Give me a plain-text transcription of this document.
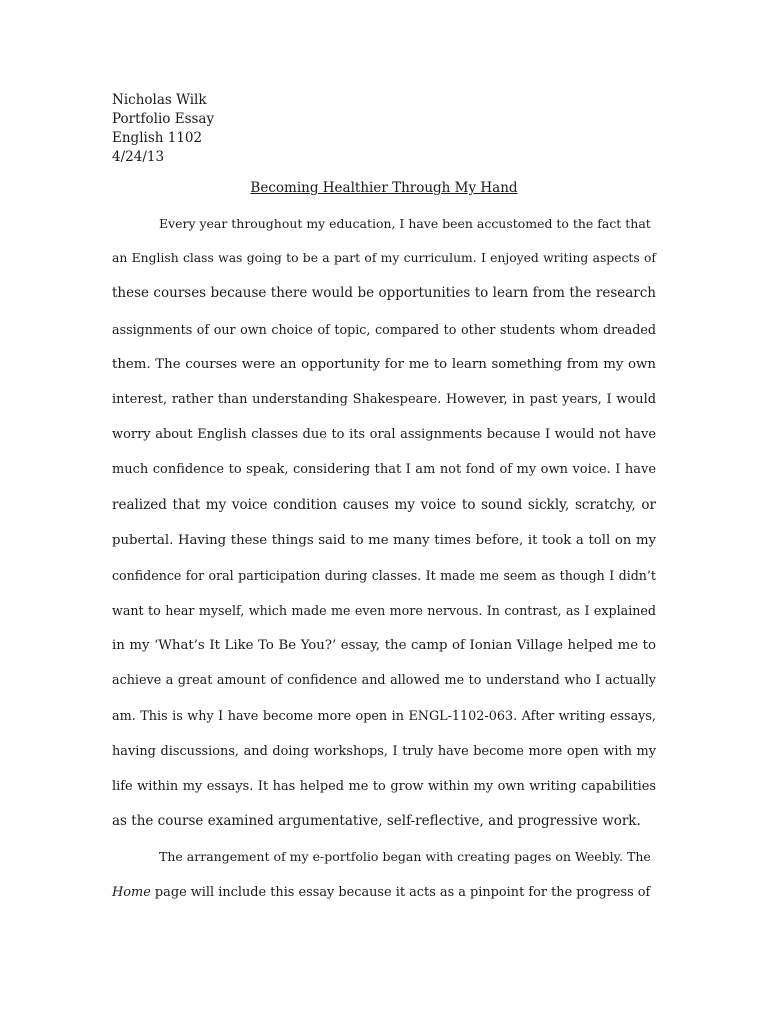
Nicholas Wilk
Portfolio Essay
English 1102
4/24/13
Becoming Healthier Through My Hand
Every year throughout my education, I have been accustomed to the fact that
an English class was going to be a part of my curriculum. I enjoyed writing aspects of
these courses because there would be opportunities to learn from the research
assignments of our own choice of topic, compared to other students whom dreaded
them. The courses were an opportunity for me to learn something from my own
interest, rather than understanding Shakespeare. However, in past years, I would
worry about English classes due to its oral assignments because I would not have
much confidence to speak, considering that I am not fond of my own voice. I have
realized that my voice condition causes my voice to sound sickly, scratchy, or
pubertal. Having these things said to me many times before, it took a toll on my
confidence for oral participation during classes. It made me seem as though I didn’t
want to hear myself, which made me even more nervous. In contrast, as I explained
in my ‘What’s It Like To Be You?’ essay, the camp of Ionian Village helped me to
achieve a great amount of confidence and allowed me to understand who I actually
am. This is why I have become more open in ENGL-1102-063. After writing essays,
having discussions, and doing workshops, I truly have become more open with my
life within my essays. It has helped me to grow within my own writing capabilities
as the course examined argumentative, self-reflective, and progressive work.
The arrangement of my e-portfolio began with creating pages on Weebly. The
Home page will include this essay because it acts as a pinpoint for the progress of
